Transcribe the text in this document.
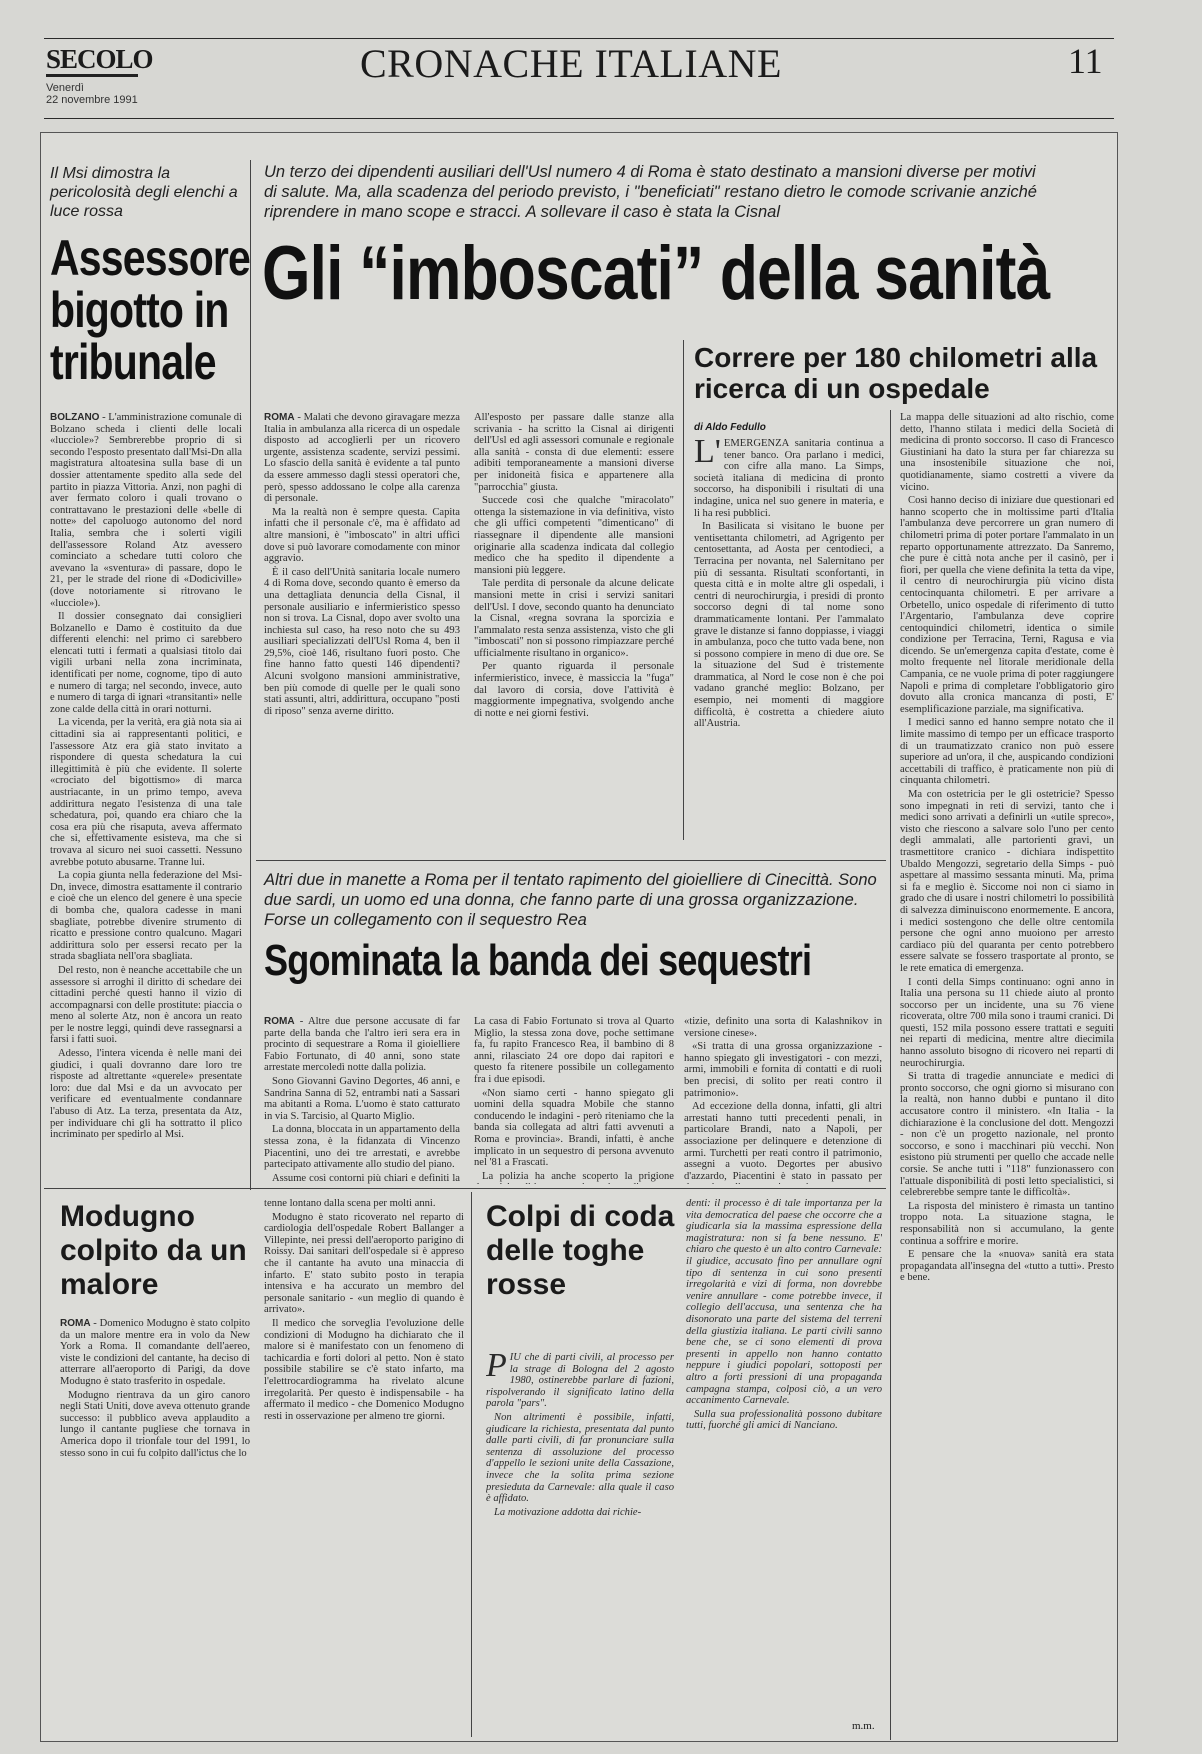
SECOLO
Venerdì
22 novembre 1991
CRONACHE ITALIANE	11
Il Msi dimostra la pericolosità degli elenchi a luce rossa
Assessore bigotto in tribunale

BOLZANO - L'amministrazione comunale di Bolzano scheda i clienti delle locali «lucciole»? Sembrerebbe proprio di sì secondo l'esposto presentato dall'Msi-Dn alla magistratura altoatesina sulla base di un dossier attentamente spedito alla sede del partito in piazza Vittoria. Anzi, non paghi di aver fermato coloro i quali trovano o contrattavano le prestazioni delle «belle di notte» del capoluogo autonomo del nord Italia, sembra che i solerti vigili dell'assessore Roland Atz avessero cominciato a schedare tutti coloro che avevano la «sventura» di passare, dopo le 21, per le strade del rione di «Dodiciville» (dove notoriamente si ritrovano le «lucciole»).

Il dossier consegnato dai consiglieri Bolzanello e Damo è costituito da due differenti elenchi: nel primo ci sarebbero elencati tutti i fermati a qualsiasi titolo dai vigili urbani nella zona incriminata, identificati per nome, cognome, tipo di auto e numero di targa; nel secondo, invece, auto e numero di targa di ignari «transitanti» nelle zone calde della città in orari notturni.

La vicenda, per la verità, era già nota sia ai cittadini sia ai rappresentanti politici, e l'assessore Atz era già stato invitato a rispondere di questa schedatura la cui illegittimità è più che evidente. Il solerte «crociato del bigottismo» di marca austriacante, in un primo tempo, aveva addirittura negato l'esistenza di una tale schedatura, poi, quando era chiaro che la cosa era più che risaputa, aveva affermato che si, effettivamente esisteva, ma che si trovava al sicuro nei suoi cassetti. Nessuno avrebbe potuto abusarne. Tranne lui.

La copia giunta nella federazione del Msi-Dn, invece, dimostra esattamente il contrario e cioè che un elenco del genere è una specie di bomba che, qualora cadesse in mani sbagliate, potrebbe divenire strumento di ricatto e pressione contro qualcuno. Magari addirittura solo per essersi recato per la strada sbagliata nell'ora sbagliata.

Del resto, non è neanche accettabile che un assessore si arroghi il diritto di schedare dei cittadini perché questi hanno il vizio di accompagnarsi con delle prostitute: piaccia o meno al solerte Atz, non è ancora un reato per le nostre leggi, quindi deve rassegnarsi a farsi i fatti suoi.

Adesso, l'intera vicenda è nelle mani dei giudici, i quali dovranno dare loro tre risposte ad altrettante «querele» presentate loro: due dal Msi e da un avvocato per verificare ed eventualmente condannare l'abuso di Atz. La terza, presentata da Atz, per individuare chi gli ha sottratto il plico incriminato per spedirlo al Msi.

Un terzo dei dipendenti ausiliari dell'Usl numero 4 di Roma è stato destinato a mansioni diverse per motivi di salute. Ma, alla scadenza del periodo previsto, i "beneficiati" restano dietro le comode scrivanie anziché riprendere in mano scope e stracci. A sollevare il caso è stata la Cisnal
Gli “imboscati” della sanità

ROMA - Malati che devono giravagare mezza Italia in ambulanza alla ricerca di un ospedale disposto ad accoglierli per un ricovero urgente, assistenza scadente, servizi pessimi. Lo sfascio della sanità è evidente a tal punto da essere ammesso dagli stessi operatori che, però, spesso addossano le colpe alla carenza di personale.

Ma la realtà non è sempre questa. Capita infatti che il personale c'è, ma è affidato ad altre mansioni, è "imboscato" in altri uffici dove si può lavorare comodamente con minor aggravio.

È il caso dell'Unità sanitaria locale numero 4 di Roma dove, secondo quanto è emerso da una dettagliata denuncia della Cisnal, il personale ausiliario e infermieristico spesso non si trova. La Cisnal, dopo aver svolto una inchiesta sul caso, ha reso noto che su 493 ausiliari specializzati dell'Usl Roma 4, ben il 29,5%, cioè 146, risultano fuori posto. Che fine hanno fatto questi 146 dipendenti? Alcuni svolgono mansioni amministrative, ben più comode di quelle per le quali sono stati assunti, altri, addirittura, occupano "posti di riposo" senza averne diritto.

All'esposto per passare dalle stanze alla scrivania - ha scritto la Cisnal ai dirigenti dell'Usl ed agli assessori comunale e regionale alla sanità - consta di due elementi: essere adibiti temporaneamente a mansioni diverse per inidoneità fisica e appartenere alla "parrocchia" giusta.

Succede così che qualche "miracolato" ottenga la sistemazione in via definitiva, visto che gli uffici competenti "dimenticano" di riassegnare il dipendente alle mansioni originarie alla scadenza indicata dal collegio medico che ha spedito il dipendente a mansioni più leggere.

Tale perdita di personale da alcune delicate mansioni mette in crisi i servizi sanitari dell'Usl. I dove, secondo quanto ha denunciato la Cisnal, «regna sovrana la sporcizia e l'ammalato resta senza assistenza, visto che gli "imboscati" non si possono rimpiazzare perché ufficialmente risultano in organico».

Per quanto riguarda il personale infermieristico, invece, è massiccia la "fuga" dal lavoro di corsia, dove l'attività è maggiormente impegnativa, svolgendo anche di notte e nei giorni festivi.

Correre per 180 chilometri alla ricerca di un ospedale
di Aldo Fedullo

L' EMERGENZA sanitaria continua a tener banco. Ora parlano i medici, con cifre alla mano. La Simps, società italiana di medicina di pronto soccorso, ha disponibili i risultati di una indagine, unica nel suo genere in materia, e li ha resi pubblici.

In Basilicata si visitano le buone per ventisettanta chilometri, ad Agrigento per centosettanta, ad Aosta per centodieci, a Terracina per novanta, nel Salernitano per più di sessanta. Risultati sconfortanti, in questa città e in molte altre gli ospedali, i centri di neurochirurgia, i presidi di pronto soccorso degni di tal nome sono drammaticamente lontani. Per l'ammalato grave le distanze si fanno doppiasse, i viaggi in ambulanza, poco che tutto vada bene, non si possono compiere in meno di due ore. Se la situazione del Sud è tristemente drammatica, al Nord le cose non è che poi vadano granché meglio: Bolzano, per esempio, nei momenti di maggiore difficoltà, è costretta a chiedere aiuto all'Austria.

La mappa delle situazioni ad alto rischio, come detto, l'hanno stilata i medici della Società di medicina di pronto soccorso. Il caso di Francesco Giustiniani ha dato la stura per far chiarezza su una insostenibile situazione che noi, quotidianamente, siamo costretti a vivere da vicino.

Così hanno deciso di iniziare due questionari ed hanno scoperto che in moltissime parti d'Italia l'ambulanza deve percorrere un gran numero di chilometri prima di poter portare l'ammalato in un reparto opportunamente attrezzato. Da Sanremo, che pure è città nota anche per il casinò, per i fiori, per quella che viene definita la tetta da vipe, il centro di neurochirurgia più vicino dista centocinquanta chilometri. E per arrivare a Orbetello, unico ospedale di riferimento di tutto l'Argentario, l'ambulanza deve coprire centoquindici chilometri, identica o simile condizione per Terracina, Terni, Ragusa e via dicendo. Se un'emergenza capita d'estate, come è molto frequente nel litorale meridionale della Campania, ce ne vuole prima di poter raggiungere Napoli e prima di completare l'obbligatorio giro dovuto alla cronica mancanza di posti, E' esemplificazione parziale, ma significativa.

I medici sanno ed hanno sempre notato che il limite massimo di tempo per un efficace trasporto di un traumatizzato cranico non può essere superiore ad un'ora, il che, auspicando condizioni accettabili di traffico, è praticamente non più di cinquanta chilometri.

Ma con ostetricia per le gli ostetricie? Spesso sono impegnati in reti di servizi, tanto che i medici sono arrivati a definirli un «utile spreco», visto che riescono a salvare solo l'uno per cento degli ammalati, alle partorienti gravi, un trasmettitore cranico - dichiara indispettito Ubaldo Mengozzi, segretario della Simps - può aspettare al massimo sessanta minuti. Ma, prima si fa e meglio è. Siccome noi non ci siamo in grado che di usare i nostri chilometri lo possibilità di salvezza diminuiscono enormemente. E ancora, i medici sostengono che delle oltre centomila persone che ogni anno muoiono per arresto cardiaco più del quaranta per cento potrebbero essere salvate se fossero trasportate al pronto, se le rete ematica di emergenza.

I conti della Simps continuano: ogni anno in Italia una persona su 11 chiede aiuto al pronto soccorso per un incidente, una su 76 viene ricoverata, oltre 700 mila sono i traumi cranici. Di questi, 152 mila possono essere trattati e seguiti nei reparti di medicina, mentre altre diecimila hanno assoluto bisogno di ricovero nei reparti di neurochirurgia.

Si tratta di tragedie annunciate e medici di pronto soccorso, che ogni giorno si misurano con la realtà, non hanno dubbi e puntano il dito accusatore contro il ministero. «In Italia - la dichiarazione è la conclusione del dott. Mengozzi - non c'è un progetto nazionale, nel pronto soccorso, e sono i macchinari più vecchi. Non esistono più strumenti per quello che accade nelle corsie. Se anche tutti i "118" funzionassero con l'attuale disponibilità di posti letto specialistici, si celebrerebbe sempre tante le difficoltà».

La risposta del ministero è rimasta un tantino troppo nota. La situazione stagna, le responsabilità non si accumulano, la gente continua a soffrire e morire.

E pensare che la «nuova» sanità era stata propagandata all'insegna del «tutto a tutti». Presto e bene.

Altri due in manette a Roma per il tentato rapimento del gioielliere di Cinecittà. Sono due sardi, un uomo ed una donna, che fanno parte di una grossa organizzazione. Forse un collegamento con il sequestro Rea
Sgominata la banda dei sequestri

ROMA - Altre due persone accusate di far parte della banda che l'altro ieri sera era in procinto di sequestrare a Roma il gioielliere Fabio Fortunato, di 40 anni, sono state arrestate mercoledì notte dalla polizia.

Sono Giovanni Gavino Degortes, 46 anni, e Sandrina Sanna di 52, entrambi nati a Sassari ma abitanti a Roma. L'uomo è stato catturato in via S. Tarcisio, al Quarto Miglio.

La donna, bloccata in un appartamento della stessa zona, è la fidanzata di Vincenzo Piacentini, uno dei tre arrestati, e avrebbe partecipato attivamente allo studio del piano.

Assume così contorni più chiari e definiti la

La casa di Fabio Fortunato si trova al Quarto Miglio, la stessa zona dove, poche settimane fa, fu rapito Francesco Rea, il bambino di 8 anni, rilasciato 24 ore dopo dai rapitori e questo fa ritenere possibile un collegamento fra i due episodi.

«Non siamo certi - hanno spiegato gli uomini della squadra Mobile che stanno conducendo le indagini - però riteniamo che la banda sia collegata ad altri fatti avvenuti a Roma e provincia». Brandi, infatti, è anche implicato in un sequestro di persona avvenuto nel '81 a Frascati.

La polizia ha anche scoperto la prigione

«tizie, definito una sorta di Kalashnikov in versione cinese».

«Si tratta di una grossa organizzazione - hanno spiegato gli investigatori - con mezzi, armi, immobili e fornita di contatti e di ruoli ben precisi, di solito per reati contro il patrimonio».

Ad eccezione della donna, infatti, gli altri arrestati hanno tutti precedenti penali, in particolare Brandi, nato a Napoli, per associazione per delinquere e detenzione di armi. Turchetti per reati contro il patrimonio, assegni a vuoto. Degortes per abusivo d'azzardo, Piacentini è stato in passato per

Modugno colpito da un malore

ROMA - Domenico Modugno è stato colpito da un malore mentre era in volo da New York a Roma. Il comandante dell'aereo, viste le condizioni del cantante, ha deciso di atterrare all'aeroporto di Parigi, da dove Modugno è stato trasferito in ospedale.

Modugno rientrava da un giro canoro negli Stati Uniti, dove aveva ottenuto grande successo: il pubblico aveva applaudito a lungo il cantante pugliese che tornava in America dopo il trionfale tour del 1991, lo stesso sono in cui fu colpito dall'ictus che lo

tenne lontano dalla scena per molti anni.

Modugno è stato ricoverato nel reparto di cardiologia dell'ospedale Robert Ballanger a Villepinte, nei pressi dell'aeroporto parigino di Roissy. Dai sanitari dell'ospedale si è appreso che il cantante ha avuto una minaccia di infarto. E' stato subito posto in terapia intensiva e ha accurato un membro del personale sanitario - «un meglio di quando è arrivato».

Il medico che sorveglia l'evoluzione delle condizioni di Modugno ha dichiarato che il malore si è manifestato con un fenomeno di tachicardia e forti dolori al petto. Non è stato possibile stabilire se c'è stato infarto, ma l'elettrocardiogramma ha rivelato alcune irregolarità. Per questo è indispensabile - ha affermato il medico - che Domenico Modugno resti in osservazione per almeno tre giorni.

Colpi di coda delle toghe rosse

PIU che di parti civili, al processo per la strage di Bologna del 2 agosto 1980, ostinerebbe parlare di fazioni, rispolverando il significato latino della parola "pars".

Non altrimenti è possibile, infatti, giudicare la richiesta, presentata dal punto dalle parti civili, di far pronunciare sulla sentenza di assoluzione del processo d'appello le sezioni unite della Cassazione, invece che la solita prima sezione presieduta da Carnevale: alla quale il caso è affidato.

La motivazione addotta dai richie-

denti: il processo è di tale importanza per la vita democratica del paese che occorre che a giudicarla sia la massima espressione della magistratura: non si fa bene nessuno. E' chiaro che questo è un alto contro Carnevale: il giudice, accusato fino per annullare ogni tipo di sentenza in cui sono presenti irregolarità e vizi di forma, non dovrebbe venire annullare - come potrebbe invece, il collegio dell'accusa, una sentenza che ha disonorato una parte del sistema del terreni della giustizia italiana. Le parti civili sanno bene che, se ci sono elementi di prova presenti in appello non hanno contatto neppure i giudici popolari, sottoposti per altro a forti pressioni di una propaganda campagna stampa, colposi ciò, a un vero accanimento Carnevale.

Sulla sua professionalità possono dubitare tutti, fuorché gli amici di Nanciano.

m.m.
